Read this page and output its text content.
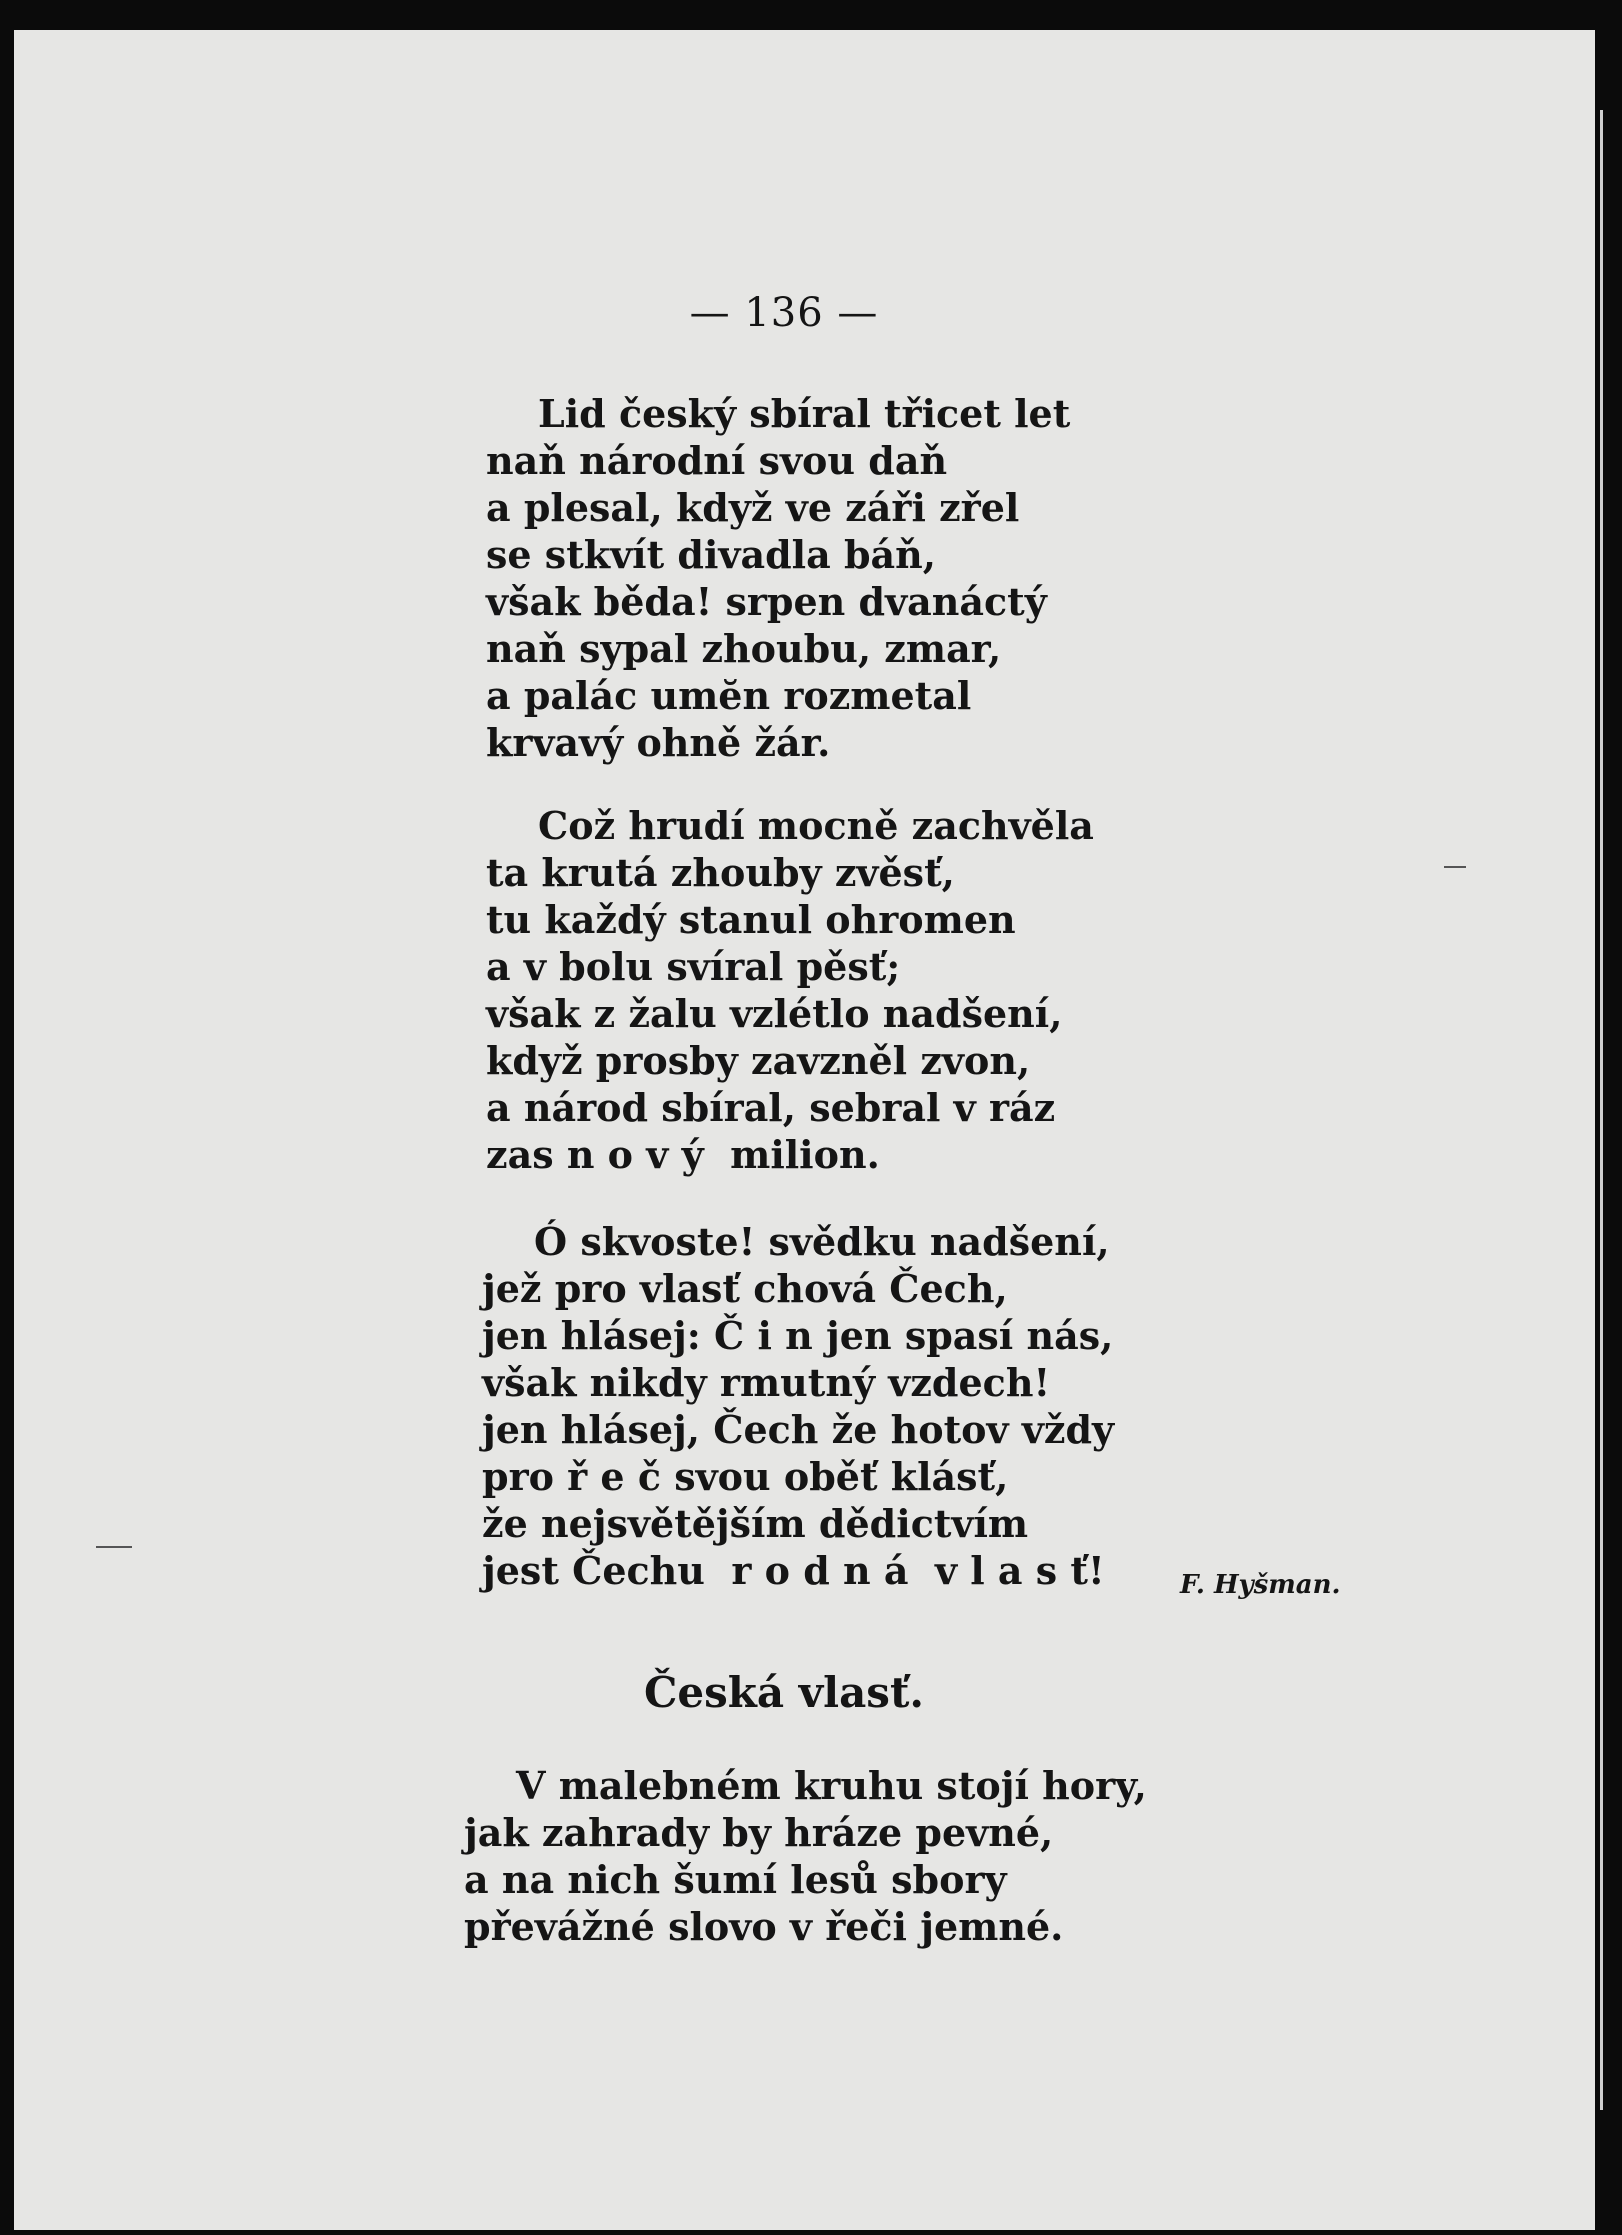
— 136 —
Lid český sbíral třicet let
naň národní svou daň
a plesal, když ve záři zřel
se stkvít divadla báň,
však běda! srpen dvanáctý
naň sypal zhoubu, zmar,
a palác umĕn rozmetal
krvavý ohně žár.
Což hrudí mocně zachvěla
ta krutá zhouby zvěsť,
tu každý stanul ohromen
a v bolu svíral pěsť;
však z žalu vzlétlo nadšení,
když prosby zavzněl zvon,
a národ sbíral, sebral v ráz
zas n o v ý  milion.
Ó skvoste! svědku nadšení,
jež pro vlasť chová Čech,
jen hlásej: Č i n jen spasí nás,
však nikdy rmutný vzdech!
jen hlásej, Čech že hotov vždy
pro ř e č svou oběť klásť,
že nejsvětějším dědictvím
jest Čechu  r o d n á  v l a s ť!	F. Hyšman.
Česká vlasť.
V malebném kruhu stojí hory,
jak zahrady by hráze pevné,
a na nich šumí lesů sbory
převážné slovo v řeči jemné.
